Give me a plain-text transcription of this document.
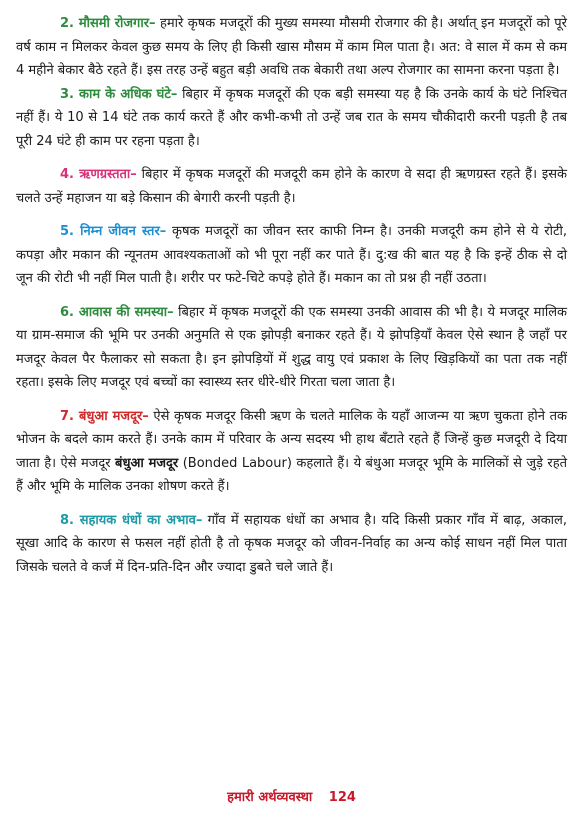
2. मौसमी रोजगार– हमारे कृषक मजदूरों की मुख्य समस्या मौसमी रोजगार की है। अर्थात् इन मजदूरों को पूरे वर्ष काम न मिलकर केवल कुछ समय के लिए ही किसी खास मौसम में काम मिल पाता है। अत: वे साल में कम से कम 4 महीने बेकार बैठे रहते हैं। इस तरह उन्हें बहुत बड़ी अवधि तक बेकारी तथा अल्प रोजगार का सामना करना पड़ता है।

3. काम के अधिक घंटे– बिहार में कृषक मजदूरों की एक बड़ी समस्या यह है कि उनके कार्य के घंटे निश्चित नहीं हैं। ये 10 से 14 घंटे तक कार्य करते हैं और कभी-कभी तो उन्हें जब रात के समय चौकीदारी करनी पड़ती है तब पूरी 24 घंटे ही काम पर रहना पड़ता है।

4. ऋणग्रस्तता– बिहार में कृषक मजदूरों की मजदूरी कम होने के कारण वे सदा ही ऋणग्रस्त रहते हैं। इसके चलते उन्हें महाजन या बड़े किसान की बेगारी करनी पड़ती है।

5. निम्न जीवन स्तर– कृषक मजदूरों का जीवन स्तर काफी निम्न है। उनकी मजदूरी कम होने से ये रोटी, कपड़ा और मकान की न्यूनतम आवश्यकताओं को भी पूरा नहीं कर पाते हैं। दु:ख की बात यह है कि इन्हें ठीक से दो जून की रोटी भी नहीं मिल पाती है। शरीर पर फटे-चिटे कपड़े होते हैं। मकान का तो प्रश्न ही नहीं उठता।

6. आवास की समस्या– बिहार में कृषक मजदूरों की एक समस्या उनकी आवास की भी है। ये मजदूर मालिक या ग्राम-समाज की भूमि पर उनकी अनुमति से एक झोपड़ी बनाकर रहते हैं। ये झोपड़ियाँ केवल ऐसे स्थान है जहाँ पर मजदूर केवल पैर फैलाकर सो सकता है। इन झोपड़ियों में शुद्ध वायु एवं प्रकाश के लिए खिड़कियों का पता तक नहीं रहता। इसके लिए मजदूर एवं बच्चों का स्वास्थ्य स्तर धीरे-धीरे गिरता चला जाता है।

7. बंधुआ मजदूर– ऐसे कृषक मजदूर किसी ऋण के चलते मालिक के यहाँ आजन्म या ऋण चुकता होने तक भोजन के बदले काम करते हैं। उनके काम में परिवार के अन्य सदस्य भी हाथ बँटाते रहते हैं जिन्हें कुछ मजदूरी दे दिया जाता है। ऐसे मजदूर बंधुआ मजदूर (Bonded Labour) कहलाते हैं। ये बंधुआ मजदूर भूमि के मालिकों से जुड़े रहते हैं और भूमि के मालिक उनका शोषण करते हैं।

8. सहायक धंधों का अभाव– गाँव में सहायक धंधों का अभाव है। यदि किसी प्रकार गाँव में बाढ़, अकाल, सूखा आदि के कारण से फसल नहीं होती है तो कृषक मजदूर को जीवन-निर्वाह का अन्य कोई साधन नहीं मिल पाता जिसके चलते वे कर्ज में दिन-प्रति-दिन और ज्यादा डुबते चले जाते हैं।

हमारी अर्थव्यवस्था 124
